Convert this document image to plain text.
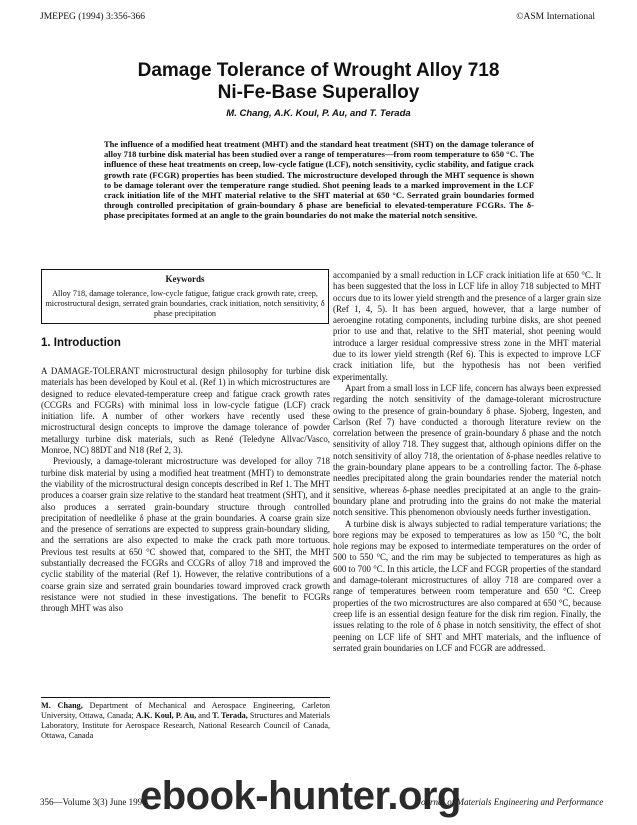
JMEPEG (1994) 3:356-366	©ASM International
Damage Tolerance of Wrought Alloy 718
Ni-Fe-Base Superalloy
M. Chang, A.K. Koul, P. Au, and T. Terada
The influence of a modified heat treatment (MHT) and the standard heat treatment (SHT) on the damage tolerance of alloy 718 turbine disk material has been studied over a range of temperatures—from room temperature to 650 °C. The influence of these heat treatments on creep, low-cycle fatigue (LCF), notch sensitivity, cyclic stability, and fatigue crack growth rate (FCGR) properties has been studied. The microstructure developed through the MHT sequence is shown to be damage tolerant over the temperature range studied. Shot peening leads to a marked improvement in the LCF crack initiation life of the MHT material relative to the SHT material at 650 °C. Serrated grain boundaries formed through controlled precipitation of grain-boundary δ phase are beneficial to elevated-temperature FCGRs. The δ-phase precipitates formed at an angle to the grain boundaries do not make the material notch sensitive.
Keywords
Alloy 718, damage tolerance, low-cycle fatigue, fatigue crack growth rate, creep, microstructural design, serrated grain boundaries, crack initiation, notch sensitivity, δ phase precipitation
1. Introduction

A DAMAGE-TOLERANT microstructural design philosophy for turbine disk materials has been developed by Koul et al. (Ref 1) in which microstructures are designed to reduce elevated-temperature creep and fatigue crack growth rates (CCGRs and FCGRs) with minimal loss in low-cycle fatigue (LCF) crack initiation life. A number of other workers have recently used these microstructural design concepts to improve the damage tolerance of powder metallurgy turbine disk materials, such as René (Teledyne Allvac/Vasco, Monroe, NC) 88DT and N18 (Ref 2, 3).

Previously, a damage-tolerant microstructure was developed for alloy 718 turbine disk material by using a modified heat treatment (MHT) to demonstrate the viability of the microstructural design concepts described in Ref 1. The MHT produces a coarser grain size relative to the standard heat treatment (SHT), and it also produces a serrated grain-boundary structure through controlled precipitation of needlelike δ phase at the grain boundaries. A coarse grain size and the presence of serrations are expected to suppress grain-boundary sliding, and the serrations are also expected to make the crack path more tortuous. Previous test results at 650 °C showed that, compared to the SHT, the MHT substantially decreased the FCGRs and CCGRs of alloy 718 and improved the cyclic stability of the material (Ref 1). However, the relative contributions of a coarse grain size and serrated grain boundaries toward improved crack growth resistance were not studied in these investigations. The benefit to FCGRs through MHT was also

accompanied by a small reduction in LCF crack initiation life at 650 °C. It has been suggested that the loss in LCF life in alloy 718 subjected to MHT occurs due to its lower yield strength and the presence of a larger grain size (Ref 1, 4, 5). It has been argued, however, that a large number of aeroengine rotating components, including turbine disks, are shot peened prior to use and that, relative to the SHT material, shot peening would introduce a larger residual compressive stress zone in the MHT material due to its lower yield strength (Ref 6). This is expected to improve LCF crack initiation life, but the hypothesis has not been verified experimentally.

Apart from a small loss in LCF life, concern has always been expressed regarding the notch sensitivity of the damage-tolerant microstructure owing to the presence of grain-boundary δ phase. Sjoberg, Ingesten, and Carlson (Ref 7) have conducted a thorough literature review on the correlation between the presence of grain-boundary δ phase and the notch sensitivity of alloy 718. They suggest that, although opinions differ on the notch sensitivity of alloy 718, the orientation of δ-phase needles relative to the grain-boundary plane appears to be a controlling factor. The δ-phase needles precipitated along the grain boundaries render the material notch sensitive, whereas δ-phase needles precipitated at an angle to the grain-boundary plane and protruding into the grains do not make the material notch sensitive. This phenomenon obviously needs further investigation.

A turbine disk is always subjected to radial temperature variations; the bore regions may be exposed to temperatures as low as 150 °C, the bolt hole regions may be exposed to intermediate temperatures on the order of 500 to 550 °C, and the rim may be subjected to temperatures as high as 600 to 700 °C. In this article, the LCF and FCGR properties of the standard and damage-tolerant microstructures of alloy 718 are compared over a range of temperatures between room temperature and 650 °C. Creep properties of the two microstructures are also compared at 650 °C, because creep life is an essential design feature for the disk rim region. Finally, the issues relating to the role of δ phase in notch sensitivity, the effect of shot peening on LCF life of SHT and MHT materials, and the influence of serrated grain boundaries on LCF and FCGR are addressed.

M. Chang, Department of Mechanical and Aerospace Engineering, Carleton University, Ottawa, Canada; A.K. Koul, P. Au, and T. Terada, Structures and Materials Laboratory, Institute for Aerospace Research, National Research Council of Canada, Ottawa, Canada
356—Volume 3(3) June 1994	Journal of Materials Engineering and Performance
ebook-hunter.org
